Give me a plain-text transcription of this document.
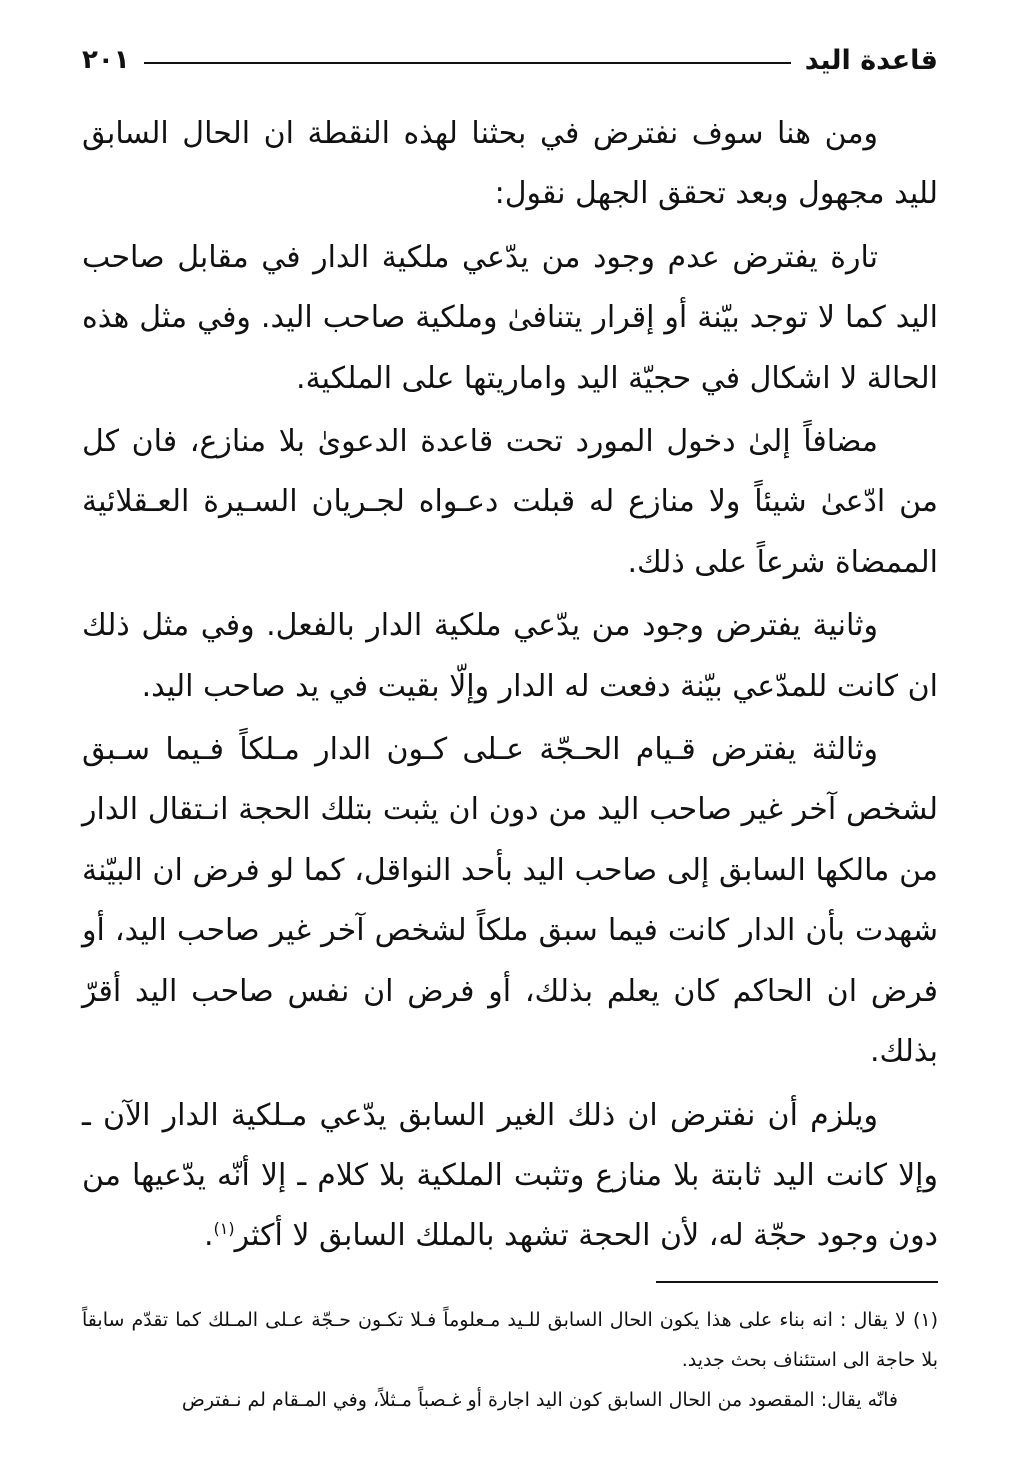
قاعدة اليد
٢٠١

ومن هنا سوف نفترض في بحثنا لهذه النقطة ان الحال السابق لليد مجهول وبعد تحقق الجهل نقول:

تارة يفترض عدم وجود من يدّعي ملكية الدار في مقابل صاحب اليد كما لا توجد بيّنة أو إقرار يتنافىٰ وملكية صاحب اليد. وفي مثل هذه الحالة لا اشكال في حجيّة اليد واماريتها على الملكية.

مضافاً إلىٰ دخول المورد تحت قاعدة الدعوىٰ بلا منازع، فان كل من ادّعىٰ شيئاً ولا منازع له قبلت دعـواه لجـريان السـيرة العـقلائية الممضاة شرعاً على ذلك.

وثانية يفترض وجود من يدّعي ملكية الدار بالفعل. وفي مثل ذلك ان كانت للمدّعي بيّنة دفعت له الدار وإلّا بقيت في يد صاحب اليد.

وثالثة يفترض قـيام الحـجّة عـلى كـون الدار مـلكاً فـيما سـبق لشخص آخر غير صاحب اليد من دون ان يثبت بتلك الحجة انـتقال الدار من مالكها السابق إلى صاحب اليد بأحد النواقل، كما لو فرض ان البيّنة شهدت بأن الدار كانت فيما سبق ملكاً لشخص آخر غير صاحب اليد، أو فرض ان الحاكم كان يعلم بذلك، أو فرض ان نفس صاحب اليد أقرّ بذلك.

ويلزم أن نفترض ان ذلك الغير السابق يدّعي مـلكية الدار الآن ـ وإلا كانت اليد ثابتة بلا منازع وتثبت الملكية بلا كلام ـ إلا أنّه يدّعيها من دون وجود حجّة له، لأن الحجة تشهد بالملك السابق لا أكثر$^{(١)}$.

(١) لا يقال : انه بناء على هذا يكون الحال السابق للـيد مـعلوماً فـلا تكـون حـجّة عـلى المـلك كما تقدّم سابقاً بلا حاجة الى استئناف بحث جديد.

فانّه يقال: المقصود من الحال السابق كون اليد اجارة أو غـصباً مـثلاً، وفي المـقام لم نـفترض
